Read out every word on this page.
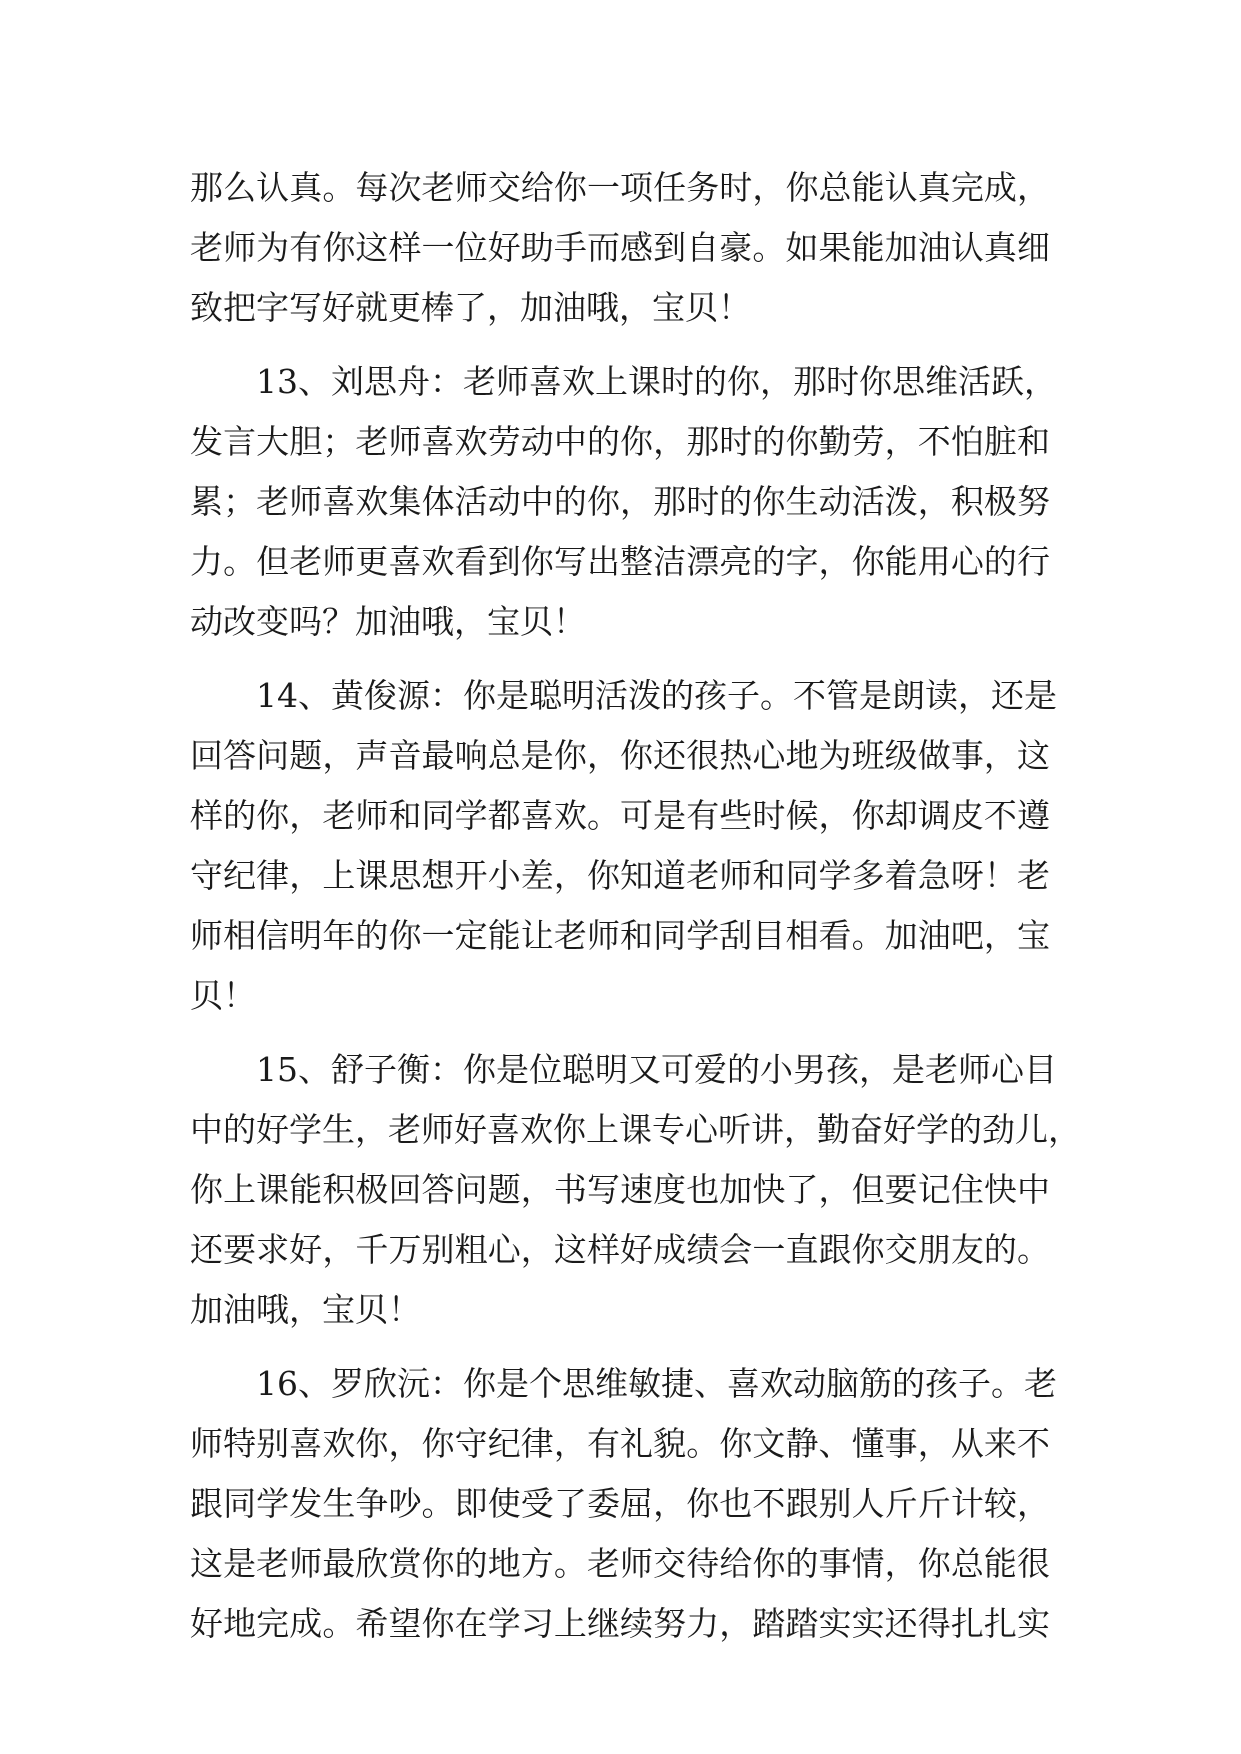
那么认真。每次老师交给你一项任务时，你总能认真完成，
老师为有你这样一位好助手而感到自豪。如果能加油认真细
致把字写好就更棒了，加油哦，宝贝！
13、刘思舟：老师喜欢上课时的你，那时你思维活跃，
发言大胆；老师喜欢劳动中的你，那时的你勤劳，不怕脏和
累；老师喜欢集体活动中的你，那时的你生动活泼，积极努
力。但老师更喜欢看到你写出整洁漂亮的字，你能用心的行
动改变吗？加油哦，宝贝！
14、黄俊源：你是聪明活泼的孩子。不管是朗读，还是
回答问题，声音最响总是你，你还很热心地为班级做事，这
样的你，老师和同学都喜欢。可是有些时候，你却调皮不遵
守纪律，上课思想开小差，你知道老师和同学多着急呀！老
师相信明年的你一定能让老师和同学刮目相看。加油吧，宝
贝！
15、舒子衡：你是位聪明又可爱的小男孩，是老师心目
中的好学生，老师好喜欢你上课专心听讲，勤奋好学的劲儿，
你上课能积极回答问题，书写速度也加快了，但要记住快中
还要求好，千万别粗心，这样好成绩会一直跟你交朋友的。
加油哦，宝贝！
16、罗欣沅：你是个思维敏捷、喜欢动脑筋的孩子。老
师特别喜欢你，你守纪律，有礼貌。你文静、懂事，从来不
跟同学发生争吵。即使受了委屈，你也不跟别人斤斤计较，
这是老师最欣赏你的地方。老师交待给你的事情，你总能很
好地完成。希望你在学习上继续努力，踏踏实实还得扎扎实
